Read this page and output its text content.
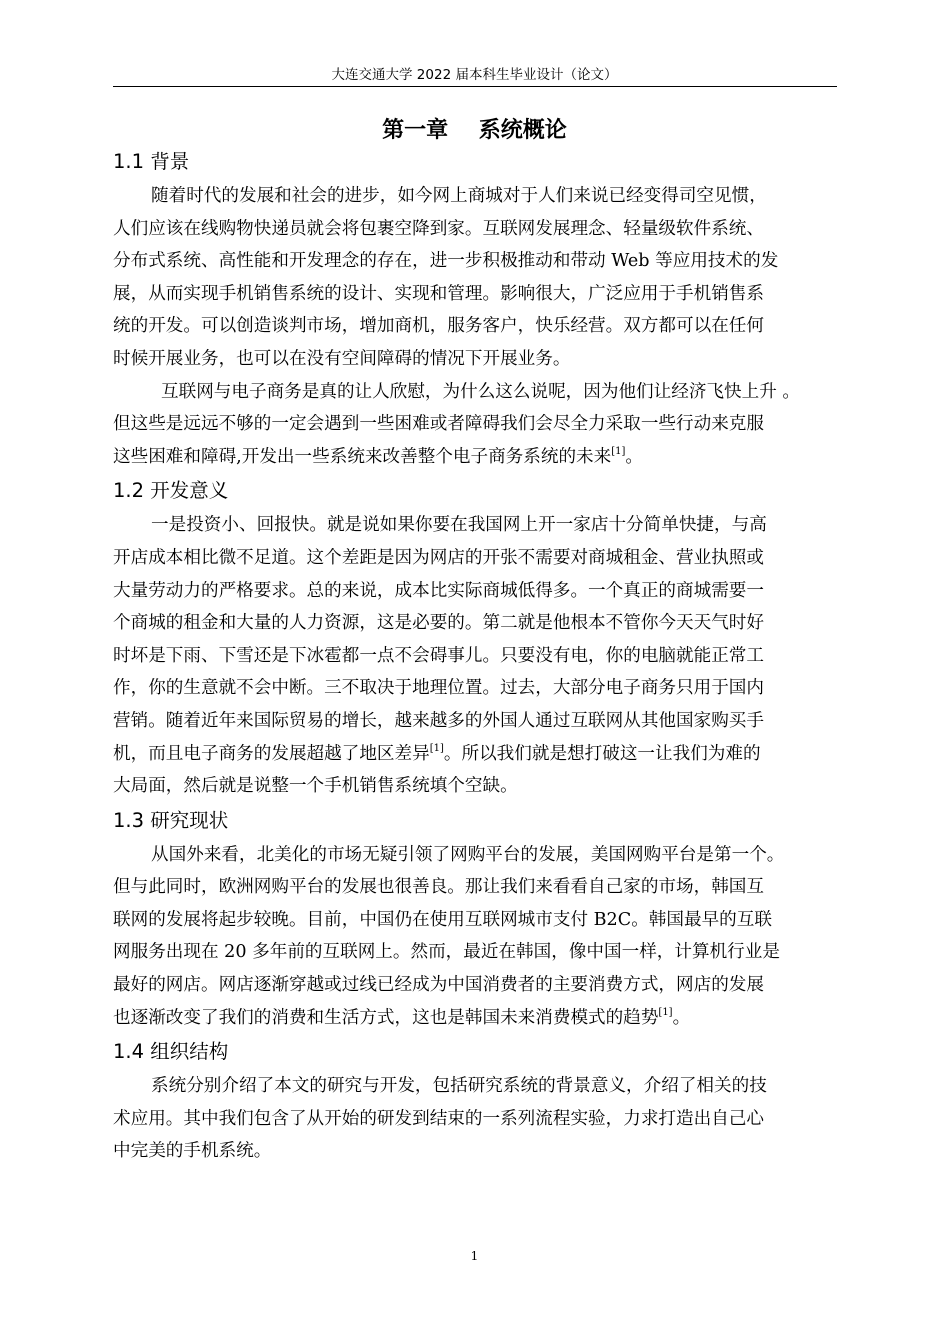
大连交通大学 2022 届本科生毕业设计（论文）
第一章    系统概论
1.1 背景
随着时代的发展和社会的进步，如今网上商城对于人们来说已经变得司空见惯，
人们应该在线购物快递员就会将包裹空降到家。互联网发展理念、轻量级软件系统、
分布式系统、高性能和开发理念的存在，进一步积极推动和带动 Web 等应用技术的发
展，从而实现手机销售系统的设计、实现和管理。影响很大，广泛应用于手机销售系
统的开发。可以创造谈判市场，增加商机，服务客户，快乐经营。双方都可以在任何
时候开展业务，也可以在没有空间障碍的情况下开展业务。
互联网与电子商务是真的让人欣慰，为什么这么说呢，因为他们让经济飞快上升 。
但这些是远远不够的一定会遇到一些困难或者障碍我们会尽全力采取一些行动来克服
这些困难和障碍,开发出一些系统来改善整个电子商务系统的未来[1]。
1.2 开发意义
一是投资小、回报快。就是说如果你要在我国网上开一家店十分简单快捷，与高
开店成本相比微不足道。这个差距是因为网店的开张不需要对商城租金、营业执照或
大量劳动力的严格要求。总的来说，成本比实际商城低得多。一个真正的商城需要一
个商城的租金和大量的人力资源，这是必要的。第二就是他根本不管你今天天气时好
时坏是下雨、下雪还是下冰雹都一点不会碍事儿。只要没有电，你的电脑就能正常工
作，你的生意就不会中断。三不取决于地理位置。过去，大部分电子商务只用于国内
营销。随着近年来国际贸易的增长，越来越多的外国人通过互联网从其他国家购买手
机，而且电子商务的发展超越了地区差异[1]。所以我们就是想打破这一让我们为难的
大局面，然后就是说整一个手机销售系统填个空缺。
1.3 研究现状
从国外来看，北美化的市场无疑引领了网购平台的发展，美国网购平台是第一个。
但与此同时，欧洲网购平台的发展也很善良。那让我们来看看自己家的市场，韩国互
联网的发展将起步较晚。目前，中国仍在使用互联网城市支付 B2C。韩国最早的互联
网服务出现在 20 多年前的互联网上。然而，最近在韩国，像中国一样，计算机行业是
最好的网店。网店逐渐穿越或过线已经成为中国消费者的主要消费方式，网店的发展
也逐渐改变了我们的消费和生活方式，这也是韩国未来消费模式的趋势[1]。
1.4 组织结构
系统分别介绍了本文的研究与开发，包括研究系统的背景意义，介绍了相关的技
术应用。其中我们包含了从开始的研发到结束的一系列流程实验，力求打造出自己心
中完美的手机系统。
1
